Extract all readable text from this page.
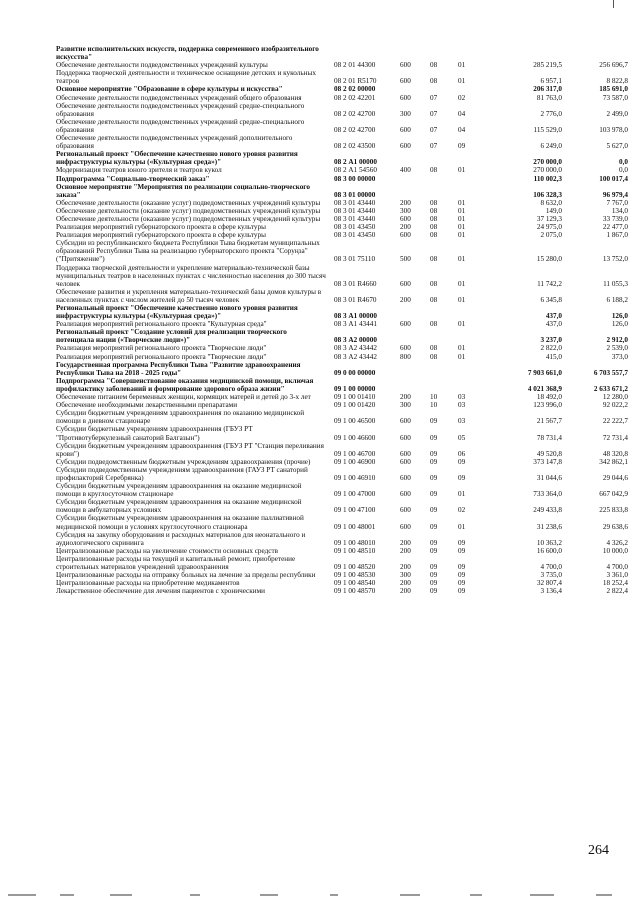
Развитие исполнительских искусств, поддержка современного изобразительного искусства"
Обеспечение деятельности подведомственных учреждений культуры	08 2 01 44300	600	08	01	285 219,5	256 696,7
Поддержка творческой деятельности и техническое оснащение детских и кукольных театров	08 2 01 R5170	600	08	01	6 957,1	8 822,8
Основное мероприятие "Образование в сфере культуры и искусства"	08 2 02 00000	206 317,0	185 691,0
Обеспечение деятельности подведомственных учреждений общего образования	08 2 02 42201	600	07	02	81 763,0	73 587,0
Обеспечение деятельности подведомственных учреждений средне-специального образования	08 2 02 42700	300	07	04	2 776,0	2 499,0
Обеспечение деятельности подведомственных учреждений средне-специального образования	08 2 02 42700	600	07	04	115 529,0	103 978,0
Обеспечение деятельности подведомственных учреждений дополнительного образования	08 2 02 43500	600	07	09	6 249,0	5 627,0
Региональный проект "Обеспечение качественно нового уровня развития инфраструктуры культуры («Культурная среда»)"	08 2 А1 00000	270 000,0	0,0
Модернизация театров юного зрителя и театров кукол	08 2 А1 54560	400	08	01	270 000,0	0,0
Подпрограмма "Социально-творческий заказ"	08 3 00 00000	110 002,3	100 017,4
Основное мероприятие "Мероприятия по реализации социально-творческого заказа"	08 3 01 00000	106 328,3	96 979,4
Обеспечение деятельности (оказание услуг) подведомственных учреждений культуры	08 3 01 43440	200	08	01	8 632,0	7 767,0
Обеспечение деятельности (оказание услуг) подведомственных учреждений культуры	08 3 01 43440	300	08	01	149,0	134,0
Обеспечение деятельности (оказание услуг) подведомственных учреждений культуры	08 3 01 43440	600	08	01	37 129,3	33 739,0
Реализация мероприятий губернаторского проекта в сфере культуры	08 3 01 43450	200	08	01	24 975,0	22 477,0
Реализация мероприятий губернаторского проекта в сфере культуры	08 3 01 43450	600	08	01	2 075,0	1 867,0
Субсидии из республиканского бюджета Республики Тыва бюджетам муниципальных образований Республики Тыва на реализацию губернаторского проекта "Соруңза" ("Притяжение")	08 3 01 75110	500	08	01	15 280,0	13 752,0
Поддержка творческой деятельности и укрепление материально-технической базы муниципальных театров в населенных пунктах с численностью населения до 300 тысяч человек	08 3 01 R4660	600	08	01	11 742,2	11 055,3
Обеспечение развития и укрепления материально-технической базы домов культуры в населенных пунктах с числом жителей до 50 тысяч человек	08 3 01 R4670	200	08	01	6 345,8	6 188,2
Региональный проект "Обеспечение качественно нового уровня развития инфраструктуры культуры («Культурная среда»)"	08 3 А1 00000	437,0	126,0
Реализация мероприятий регионального проекта "Культурная среда"	08 3 А1 43441	600	08	01	437,0	126,0
Региональный проект "Создание условий для реализации творческого потенциала нации («Творческие люди»)"	08 3 А2 00000	3 237,0	2 912,0
Реализация мероприятий регионального проекта "Творческие люди"	08 3 А2 43442	600	08	01	2 822,0	2 539,0
Реализация мероприятий регионального проекта "Творческие люди"	08 3 А2 43442	800	08	01	415,0	373,0
Государственная программа Республики Тыва "Развитие здравоохранения Республики Тыва на 2018 - 2025 годы"	09 0 00 00000	7 903 661,0	6 703 557,7
Подпрограмма "Совершенствование оказания медицинской помощи, включая профилактику заболеваний и формирование здорового образа жизни"	09 1 00 00000	4 021 368,9	2 633 671,2
Обеспечение питанием беременных женщин, кормящих матерей и детей до 3-х лет	09 1 00 01410	200	10	03	18 492,0	12 280,0
Обеспечение необходимыми лекарственными препаратами	09 1 00 01420	300	10	03	123 996,0	92 022,2
Субсидии бюджетным учреждениям здравоохранения по оказанию медицинской помощи в дневном стационаре	09 1 00 46500	600	09	03	21 567,7	22 222,7
Субсидии бюджетным учреждениям здравоохранения (ГБУЗ РТ "Противотуберкулезный санаторий Балгазын")	09 1 00 46600	600	09	05	78 731,4	72 731,4
Субсидии бюджетным учреждениям здравоохранения (ГБУЗ РТ "Станция переливания крови")	09 1 00 46700	600	09	06	49 520,8	48 320,8
Субсидии подведомственным бюджетным учреждениям здравоохранения (прочие)	09 1 00 46900	600	09	09	373 147,8	342 862,1
Субсидии подведомственным учреждениям здравоохранения (ГАУЗ РТ санаторий профилакторий Серебрянка)	09 1 00 46910	600	09	09	31 044,6	29 044,6
Субсидии бюджетным учреждениям здравоохранения на оказание медицинской помощи в круглосуточном стационаре	09 1 00 47000	600	09	01	733 364,0	667 042,9
Субсидии бюджетным учреждениям здравоохранения на оказание медицинской помощи в амбулаторных условиях	09 1 00 47100	600	09	02	249 433,8	225 833,8
Субсидии бюджетным учреждениям здравоохранения на оказание паллиативной медицинской помощи в условиях круглосуточного стационара	09 1 00 48001	600	09	01	31 238,6	29 638,6
Субсидия на закупку оборудования и расходных материалов для неонатального и аудиологического скрининга	09 1 00 48010	200	09	09	10 363,2	4 326,2
Централизованные расходы на увеличение стоимости основных средств	09 1 00 48510	200	09	09	16 600,0	10 000,0
Централизованные расходы на текущий и капитальный ремонт, приобретение строительных материалов учреждений здравоохранения	09 1 00 48520	200	09	09	4 700,0	4 700,0
Централизованные расходы на отправку больных на лечение за пределы республики	09 1 00 48530	300	09	09	3 735,0	3 361,0
Централизованные расходы на приобретение медикаментов	09 1 00 48540	200	09	09	32 807,4	18 252,4
Лекарственное обеспечение для лечения пациентов с хроническими	09 1 00 48570	200	09	09	3 136,4	2 822,4
264
